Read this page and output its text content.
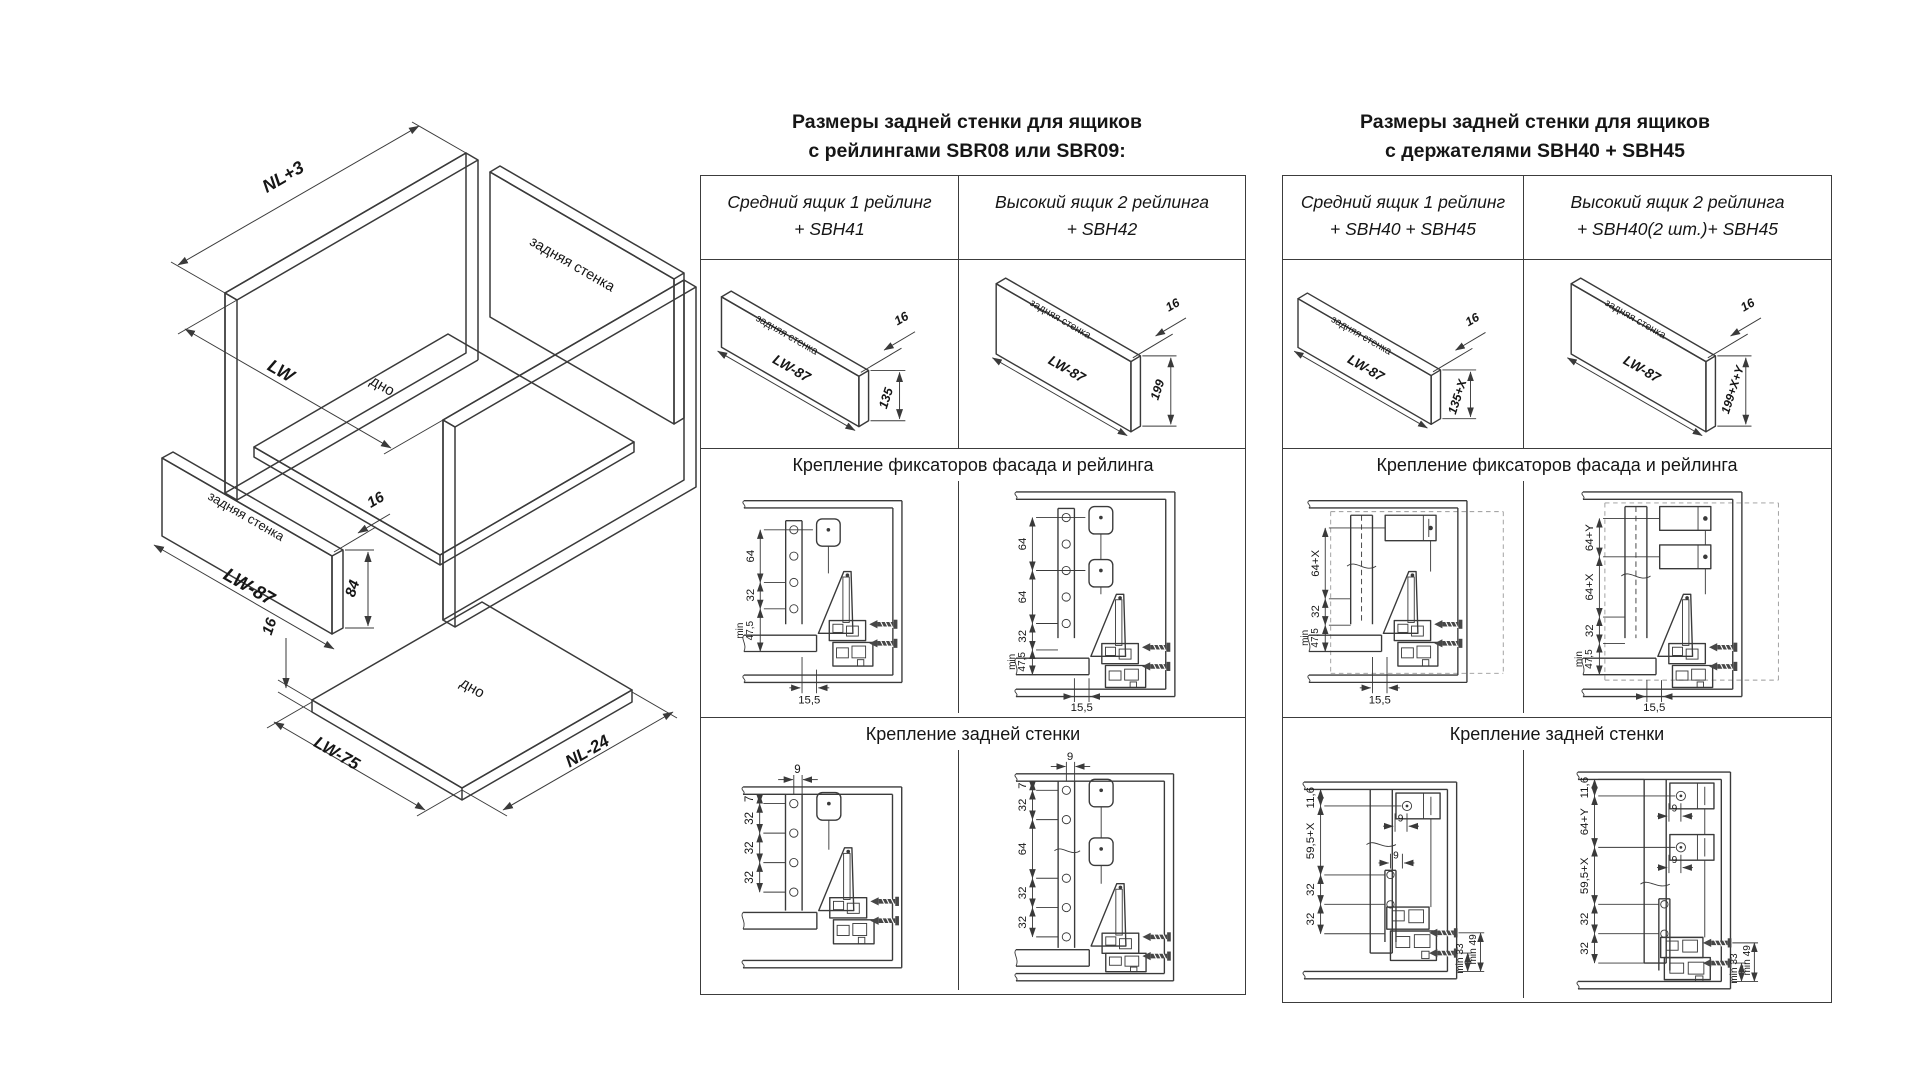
задняя стенка
дно
NL+3
LW
задняя стенка
LW-87
16
84
дно
LW-75	NL-24
16
Размеры задней стенки для ящиков
с рейлингами SBR08 или SBR09:
Средний ящик 1 рейлинг
+ SBH41
Высокий ящик 2 рейлинга
+ SBH42
задняя стенка
LW-87
16
135
задняя стенка
LW-87
16
199
Крепление фиксаторов фасада и рейлинга
64
32
min
47,5
15,5
64
64
32
min 47,5
15,5
Крепление задней стенки
9
7
32
32
32
9
7
32
64
32
32
Размеры задней стенки для ящиков
с держателями SBH40 + SBH45
Средний ящик 1 рейлинг
+ SBH40 + SBH45
Высокий ящик 2 рейлинга
+ SBH40(2 шт.)+ SBH45
задняя стенка
LW-87
16
135+X
задняя стенка
LW-87
16
199+X+Y
Крепление фиксаторов фасада и рейлинга
64+X
32
min
47,5
15,5
64+Y
64+X
32
min 47,5
15,5
Крепление задней стенки
min 33 min 49
9
9
11,6
59,5+X
32
32
min 33 min 49
9
9
11,6
64+Y
59,5+X
32
32
